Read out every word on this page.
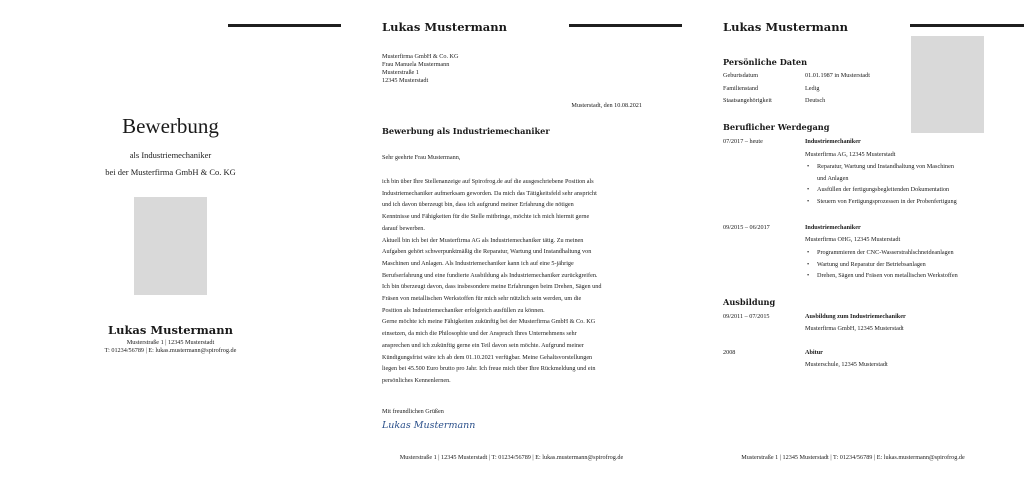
Bewerbung
als Industriemechaniker
bei der Musterfirma GmbH & Co. KG
Lukas Mustermann
Musterstraße 1 | 12345 Musterstadt
T: 01234/56789 | E: lukas.mustermann@spirofrog.de
Lukas Mustermann
Musterfirma GmbH & Co. KG
Frau Manuela Mustermann
Musterstraße 1
12345 Musterstadt
Musterstadt, den 10.08.2021
Bewerbung als Industriemechaniker
Sehr geehrte Frau Mustermann,
ich bin über Ihre Stellenanzeige auf Spirofrog.de auf die ausgeschriebene Position als
Industriemechaniker aufmerksam geworden. Da mich das Tätigkeitsfeld sehr anspricht
und ich davon überzeugt bin, dass ich aufgrund meiner Erfahrung die nötigen
Kenntnisse und Fähigkeiten für die Stelle mitbringe, möchte ich mich hiermit gerne
darauf bewerben.
Aktuell bin ich bei der Musterfirma AG als Industriemechaniker tätig. Zu meinen
Aufgaben gehört schwerpunktmäßig die Reparatur, Wartung und Instandhaltung von
Maschinen und Anlagen. Als Industriemechaniker kann ich auf eine 5-jährige
Berufserfahrung und eine fundierte Ausbildung als Industriemechaniker zurückgreifen.
Ich bin überzeugt davon, dass insbesondere meine Erfahrungen beim Drehen, Sägen und
Fräsen von metallischen Werkstoffen für mich sehr nützlich sein werden, um die
Position als Industriemechaniker erfolgreich ausfüllen zu können.
Gerne möchte ich meine Fähigkeiten zukünftig bei der Musterfirma GmbH & Co. KG
einsetzen, da mich die Philosophie und der Anspruch Ihres Unternehmens sehr
ansprechen und ich zukünftig gerne ein Teil davon sein möchte. Aufgrund meiner
Kündigungsfrist wäre ich ab dem 01.10.2021 verfügbar. Meine Gehaltsvorstellungen
liegen bei 45.500 Euro brutto pro Jahr. Ich freue mich über Ihre Rückmeldung und ein
persönliches Kennenlernen.
Mit freundlichen Grüßen
Lukas Mustermann
Musterstraße 1 | 12345 Musterstadt | T: 01234/56789 | E: lukas.mustermann@spirofrog.de
Lukas Mustermann
Persönliche Daten
Geburtsdatum	01.01.1987 in Musterstadt
Familienstand	Ledig
Staatsangehörigkeit	Deutsch
Beruflicher Werdegang
07/2017 – heute	Industriemechaniker
Musterfirma AG, 12345 Musterstadt
• Reparatur, Wartung und Instandhaltung von Maschinen
und Anlagen
• Ausfüllen der fertigungsbegleitenden Dokumentation
• Steuern von Fertigungsprozessen in der Probenfertigung
09/2015 – 06/2017	Industriemechaniker
Musterfirma OHG, 12345 Musterstadt
• Programmieren der CNC-Wasserstrahlschneideanlagen
• Wartung und Reparatur der Betriebsanlagen
• Drehen, Sägen und Fräsen von metallischen Werkstoffen
Ausbildung
09/2011 – 07/2015	Ausbildung zum Industriemechaniker
Musterfirma GmbH, 12345 Musterstadt
2008	Abitur
Musterschule, 12345 Musterstadt
Musterstraße 1 | 12345 Musterstadt | T: 01234/56789 | E: lukas.mustermann@spirofrog.de
